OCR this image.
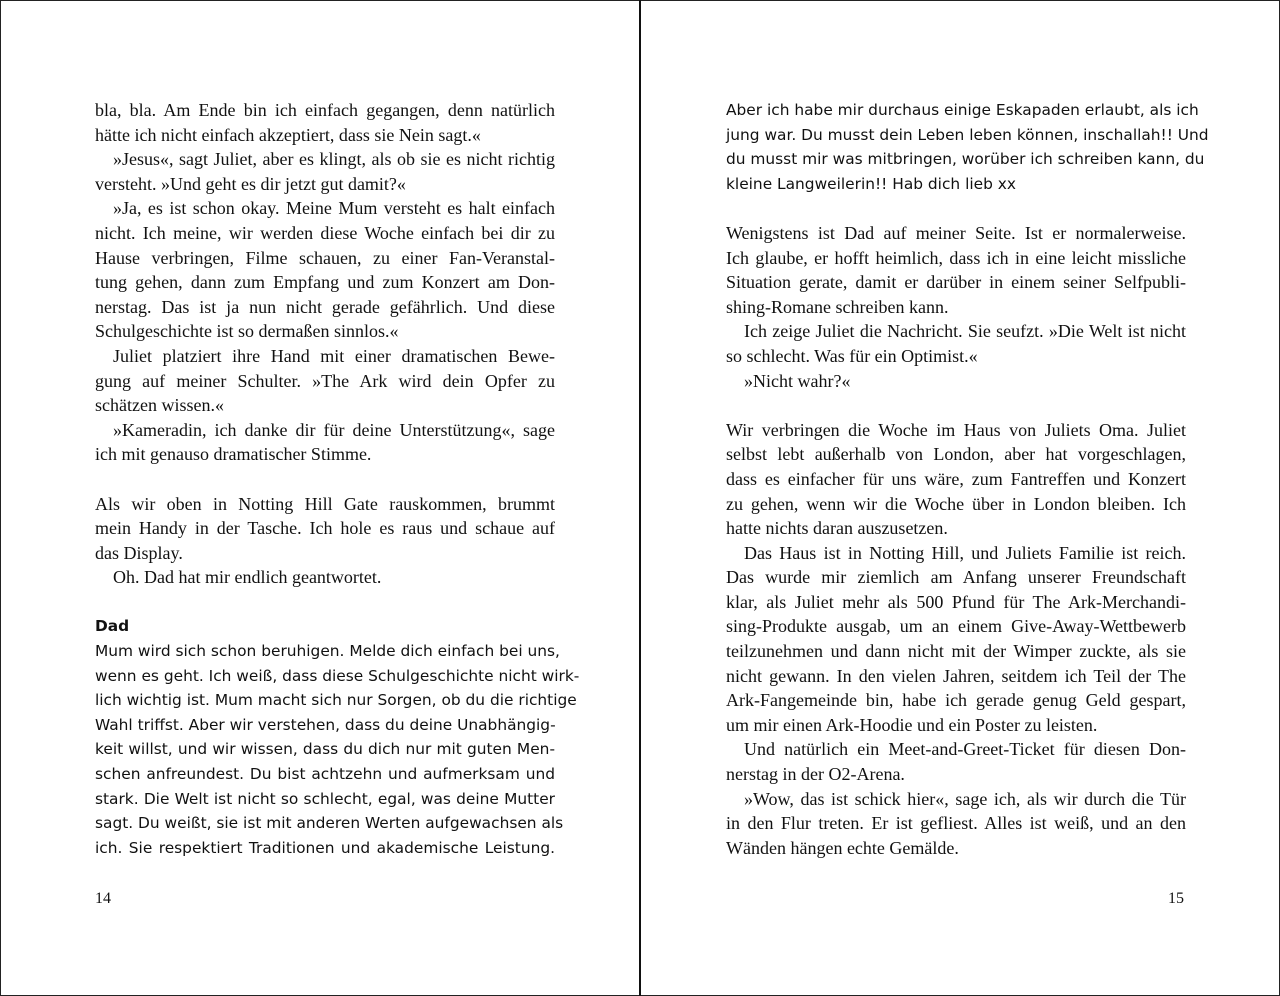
bla, bla. Am Ende bin ich einfach gegangen, denn natürlich
hätte ich nicht einfach akzeptiert, dass sie Nein sagt.«
»Jesus«, sagt Juliet, aber es klingt, als ob sie es nicht richtig
versteht. »Und geht es dir jetzt gut damit?«
»Ja, es ist schon okay. Meine Mum versteht es halt einfach
nicht. Ich meine, wir werden diese Woche einfach bei dir zu
Hause verbringen, Filme schauen, zu einer Fan-Veranstal-
tung gehen, dann zum Empfang und zum Konzert am Don-
nerstag. Das ist ja nun nicht gerade gefährlich. Und diese
Schulgeschichte ist so dermaßen sinnlos.«
Juliet platziert ihre Hand mit einer dramatischen Bewe-
gung auf meiner Schulter. »The Ark wird dein Opfer zu
schätzen wissen.«
»Kameradin, ich danke dir für deine Unterstützung«, sage
ich mit genauso dramatischer Stimme.
Als wir oben in Notting Hill Gate rauskommen, brummt
mein Handy in der Tasche. Ich hole es raus und schaue auf
das Display.
Oh. Dad hat mir endlich geantwortet.
Dad
Mum wird sich schon beruhigen. Melde dich einfach bei uns,
wenn es geht. Ich weiß, dass diese Schulgeschichte nicht wirk-
lich wichtig ist. Mum macht sich nur Sorgen, ob du die richtige
Wahl triffst. Aber wir verstehen, dass du deine Unabhängig-
keit willst, und wir wissen, dass du dich nur mit guten Men-
schen anfreundest. Du bist achtzehn und aufmerksam und
stark. Die Welt ist nicht so schlecht, egal, was deine Mutter
sagt. Du weißt, sie ist mit anderen Werten aufgewachsen als
ich. Sie respektiert Traditionen und akademische Leistung.
Aber ich habe mir durchaus einige Eskapaden erlaubt, als ich
jung war. Du musst dein Leben leben können, inschallah!! Und
du musst mir was mitbringen, worüber ich schreiben kann, du
kleine Langweilerin!! Hab dich lieb xx
Wenigstens ist Dad auf meiner Seite. Ist er normalerweise.
Ich glaube, er hofft heimlich, dass ich in eine leicht missliche
Situation gerate, damit er darüber in einem seiner Selfpubli-
shing-Romane schreiben kann.
Ich zeige Juliet die Nachricht. Sie seufzt. »Die Welt ist nicht
so schlecht. Was für ein Optimist.«
»Nicht wahr?«
Wir verbringen die Woche im Haus von Juliets Oma. Juliet
selbst lebt außerhalb von London, aber hat vorgeschlagen,
dass es einfacher für uns wäre, zum Fantreffen und Konzert
zu gehen, wenn wir die Woche über in London bleiben. Ich
hatte nichts daran auszusetzen.
Das Haus ist in Notting Hill, und Juliets Familie ist reich.
Das wurde mir ziemlich am Anfang unserer Freundschaft
klar, als Juliet mehr als 500 Pfund für The Ark-Merchandi-
sing-Produkte ausgab, um an einem Give-Away-Wettbewerb
teilzunehmen und dann nicht mit der Wimper zuckte, als sie
nicht gewann. In den vielen Jahren, seitdem ich Teil der The
Ark-Fangemeinde bin, habe ich gerade genug Geld gespart,
um mir einen Ark-Hoodie und ein Poster zu leisten.
Und natürlich ein Meet-and-Greet-Ticket für diesen Don-
nerstag in der O2-Arena.
»Wow, das ist schick hier«, sage ich, als wir durch die Tür
in den Flur treten. Er ist gefliest. Alles ist weiß, und an den
Wänden hängen echte Gemälde.
14	15
